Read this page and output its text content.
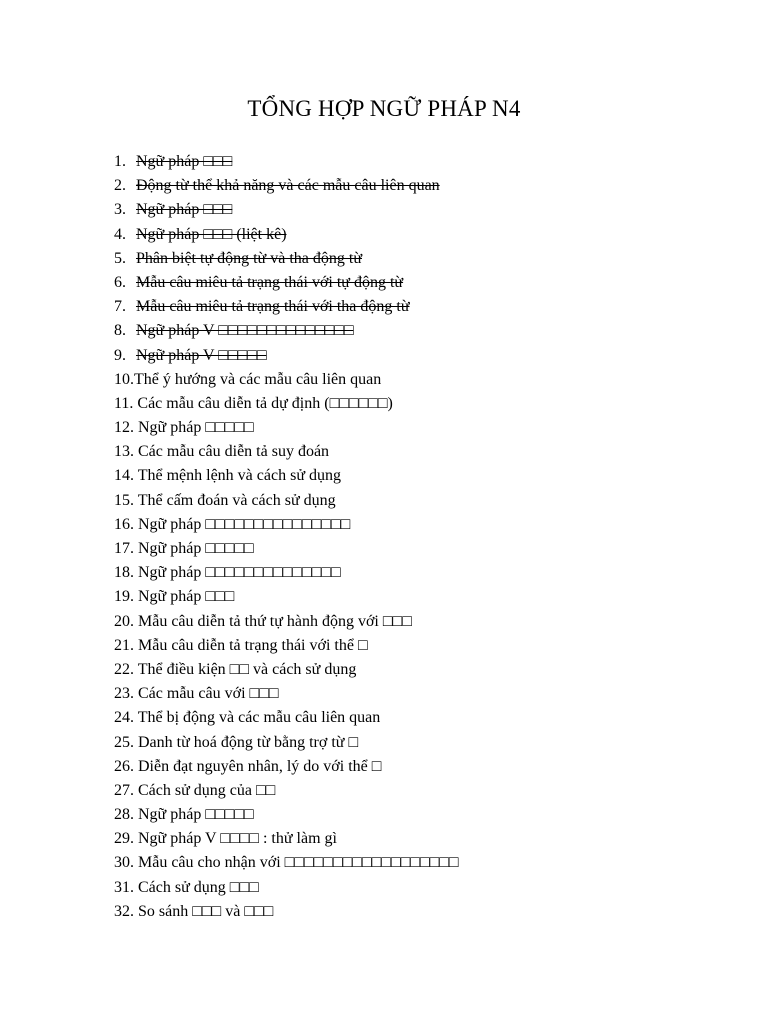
TỔNG HỢP NGỮ PHÁP N4
1. Ngữ pháp □□□
2. Động từ thể khả năng và các mẫu câu liên quan
3. Ngữ pháp □□□
4. Ngữ pháp □□□ (liệt kê)
5. Phân biệt tự động từ và tha động từ
6. Mẫu câu miêu tả trạng thái với tự động từ
7. Mẫu câu miêu tả trạng thái với tha động từ
8. Ngữ pháp V □□□□□□□□□□□□□□
9. Ngữ pháp V □□□□□
10.Thể ý hướng và các mẫu câu liên quan
11. Các mẫu câu diễn tả dự định (□□□□□□)
12. Ngữ pháp □□□□□
13. Các mẫu câu diễn tả suy đoán
14. Thể mệnh lệnh và cách sử dụng
15. Thể cấm đoán và cách sử dụng
16. Ngữ pháp □□□□□□□□□□□□□□□
17. Ngữ pháp □□□□□
18. Ngữ pháp □□□□□□□□□□□□□□
19. Ngữ pháp □□□
20. Mẫu câu diễn tả thứ tự hành động với □□□
21. Mẫu câu diễn tả trạng thái với thể □
22. Thể điều kiện □□ và cách sử dụng
23. Các mẫu câu với □□□
24. Thể bị động và các mẫu câu liên quan
25. Danh từ hoá động từ bằng trợ từ □
26. Diễn đạt nguyên nhân, lý do với thể □
27. Cách sử dụng của □□
28. Ngữ pháp □□□□□
29. Ngữ pháp V □□□□ : thử làm gì
30. Mẫu câu cho nhận với □□□□□□□□□□□□□□□□□□
31. Cách sử dụng □□□
32. So sánh □□□ và □□□
